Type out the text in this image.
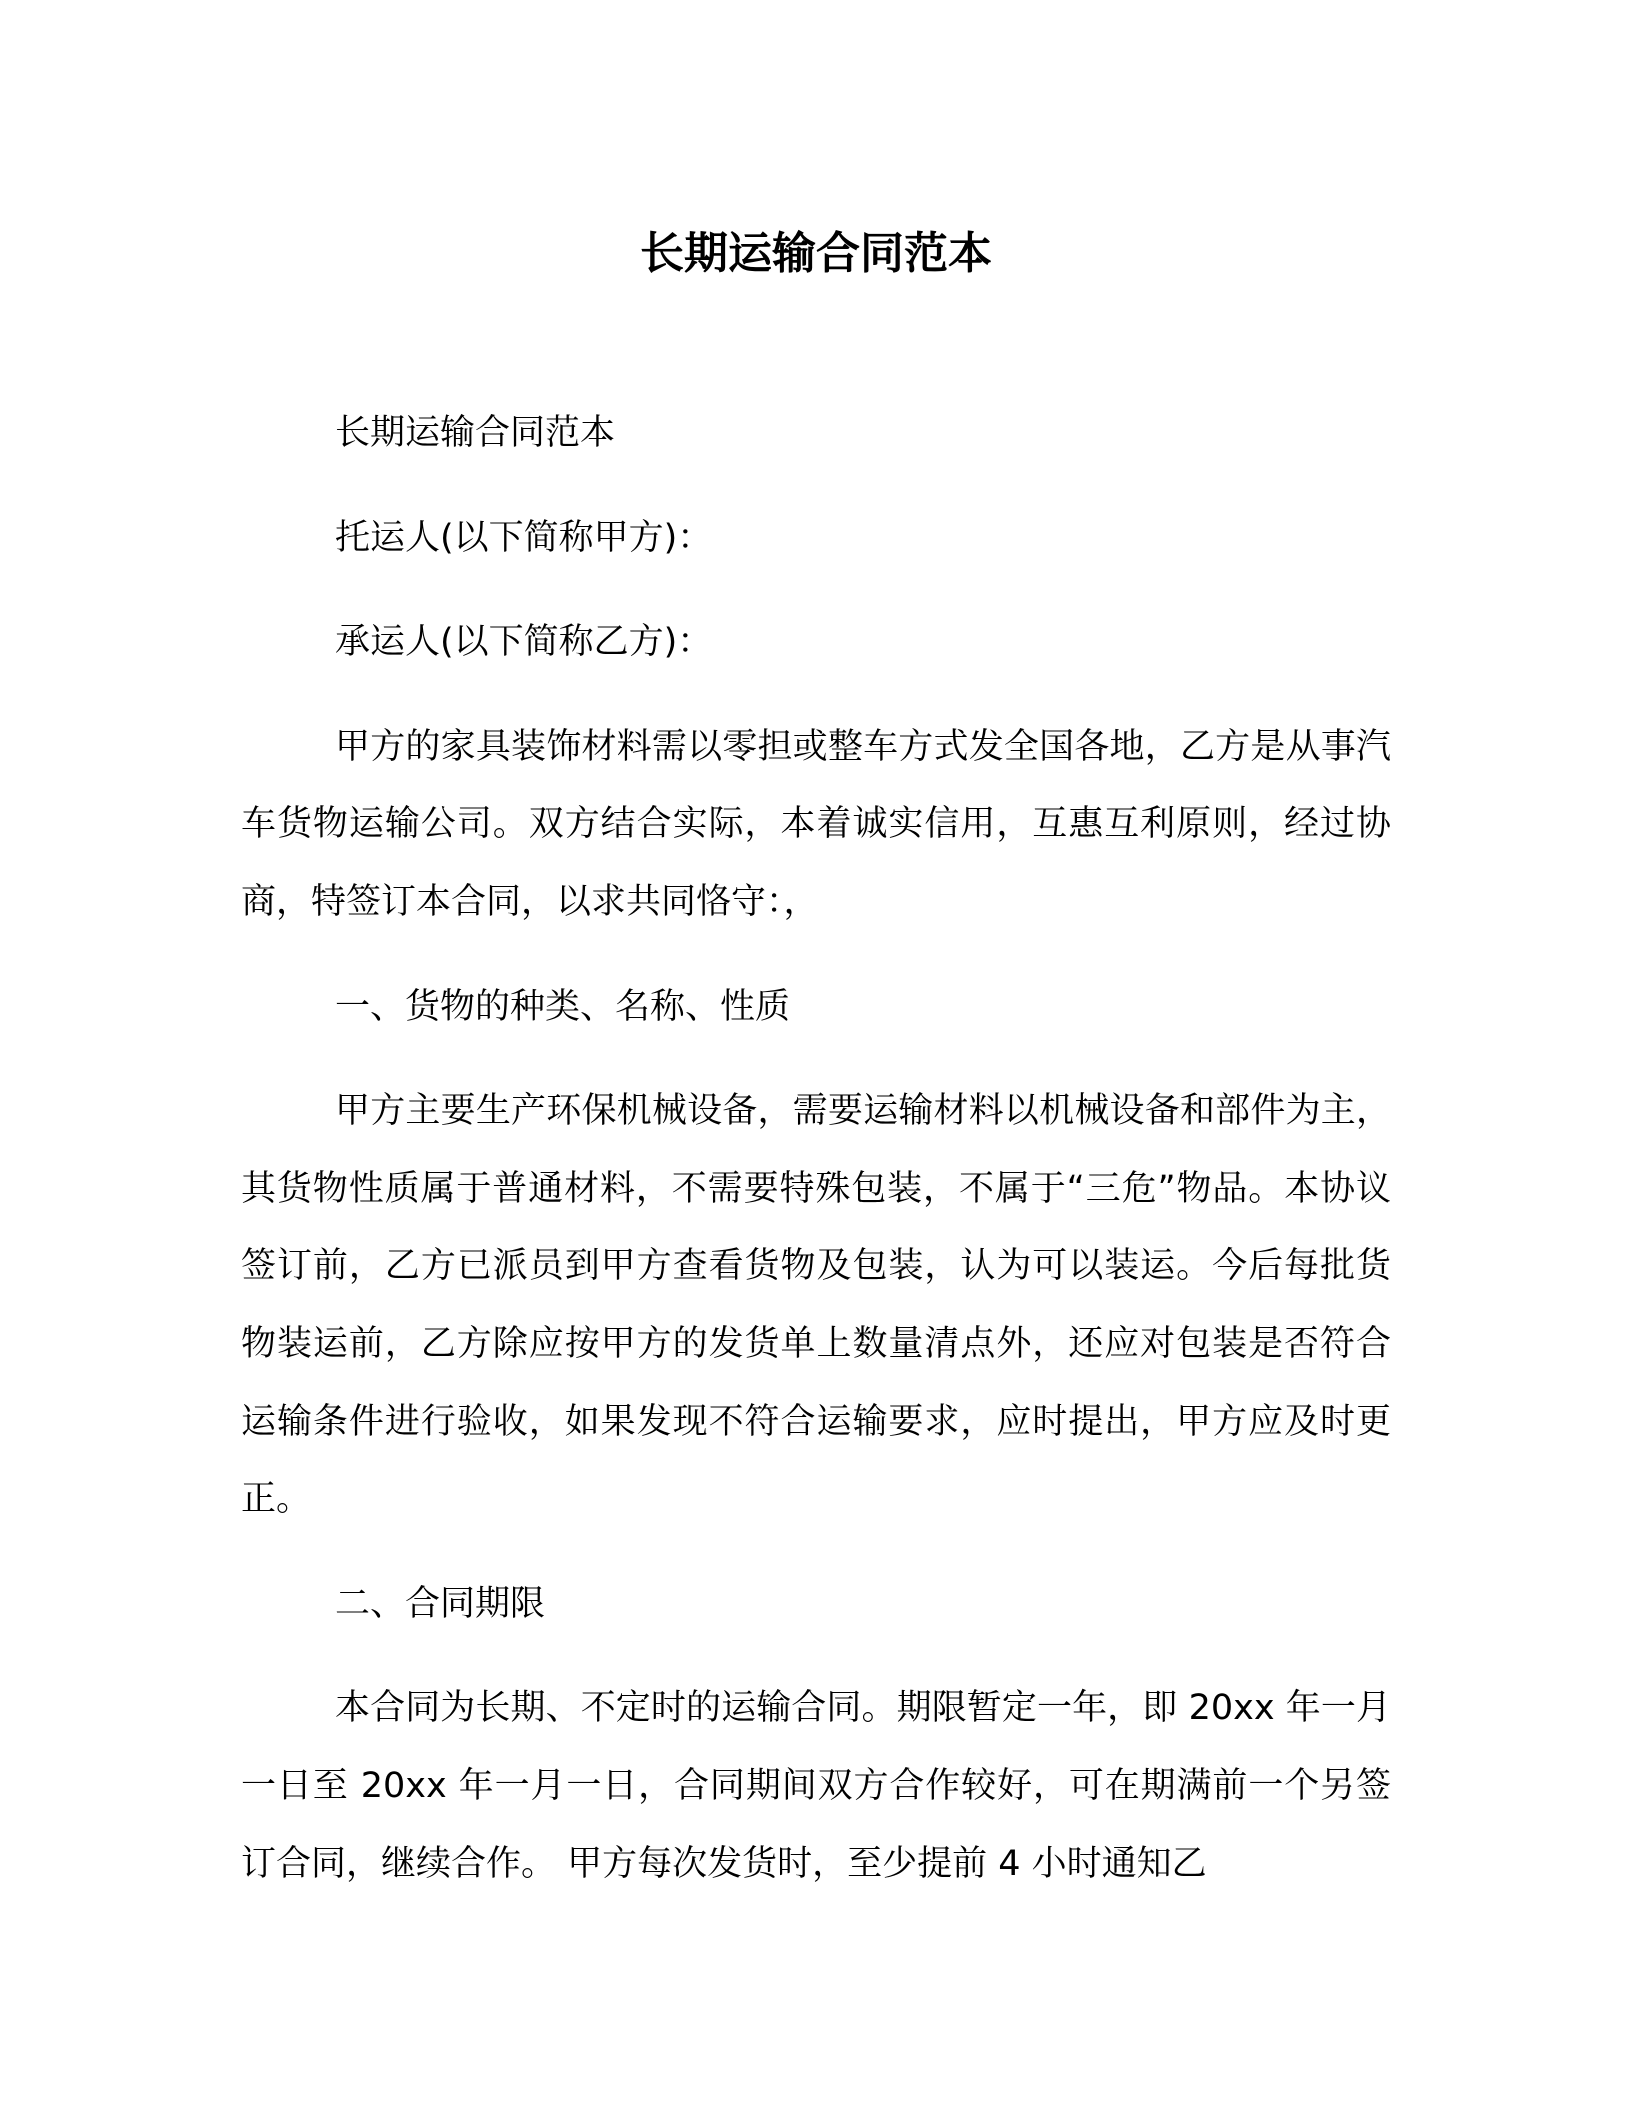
长期运输合同范本

长期运输合同范本

托运人(以下简称甲方)：

承运人(以下简称乙方)：

甲方的家具装饰材料需以零担或整车方式发全国各地，乙方是从事汽车货物运输公司。双方结合实际，本着诚实信用，互惠互利原则，经过协商，特签订本合同，以求共同恪守：，

一、货物的种类、名称、性质

甲方主要生产环保机械设备，需要运输材料以机械设备和部件为主，其货物性质属于普通材料，不需要特殊包装，不属于“三危”物品。本协议签订前，乙方已派员到甲方查看货物及包装，认为可以装运。今后每批货物装运前，乙方除应按甲方的发货单上数量清点外，还应对包装是否符合运输条件进行验收，如果发现不符合运输要求，应时提出，甲方应及时更正。

二、合同期限

本合同为长期、不定时的运输合同。期限暂定一年，即 20xx 年一月一日至 20xx 年一月一日，合同期间双方合作较好，可在期满前一个另签订合同，继续合作。 甲方每次发货时，至少提前 4 小时通知乙
